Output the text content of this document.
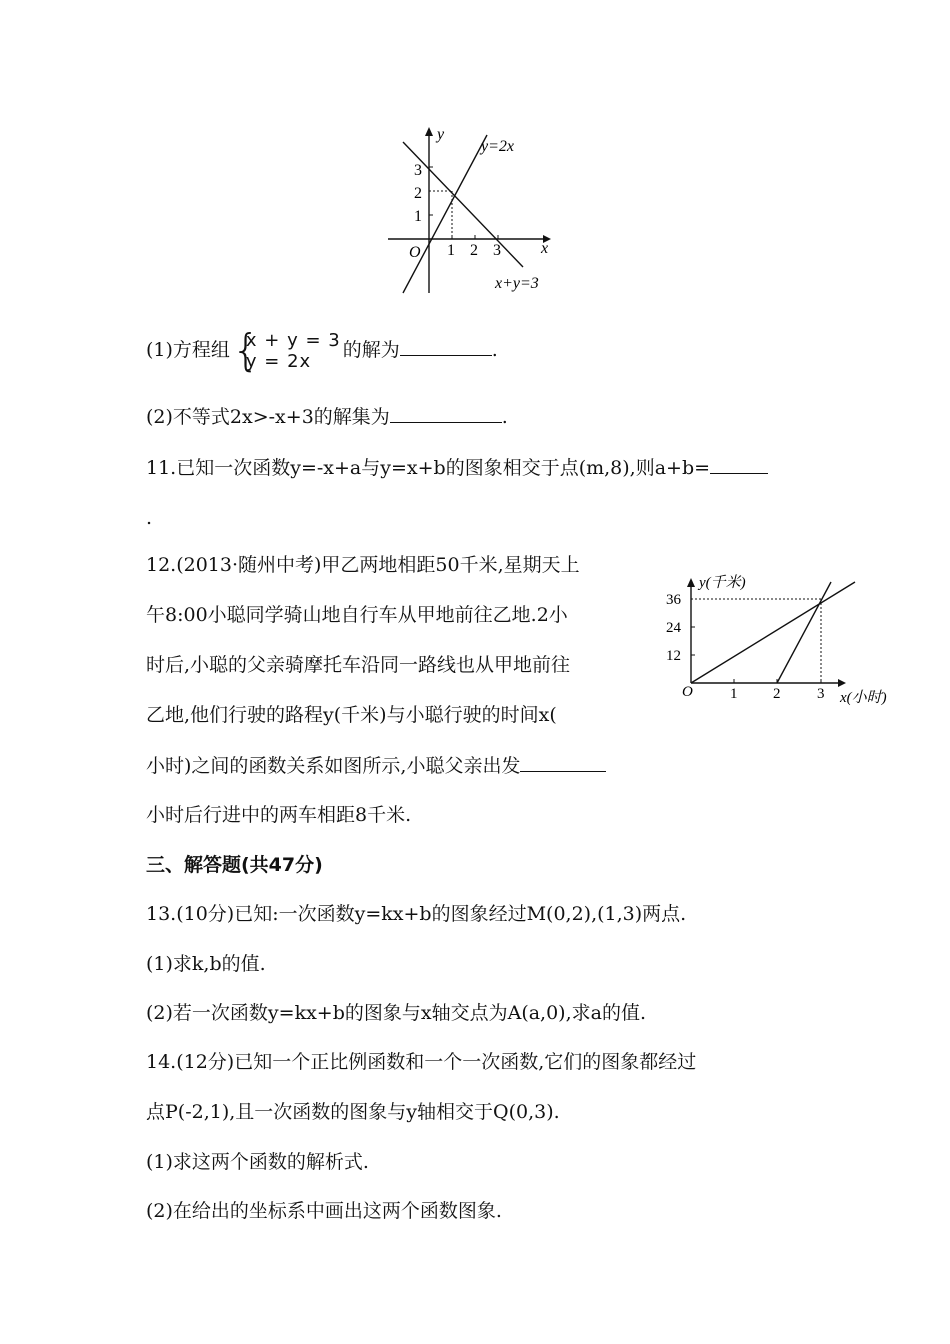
y
x
O
1
2
3
1 2 3
y=2x
x+y=3
(1)方程组 {
x + y = 3
y = 2x
的解为	.
(2)不等式2x>-x+3的解集为	.
11.已知一次函数y=-x+a与y=x+b的图象相交于点(m,8),则a+b=
.
12.(2013·随州中考)甲乙两地相距50千米,星期天上
午8:00小聪同学骑山地自行车从甲地前往乙地.2小
时后,小聪的父亲骑摩托车沿同一路线也从甲地前往
乙地,他们行驶的路程y(千米)与小聪行驶的时间x(
小时)之间的函数关系如图所示,小聪父亲出发
小时后行进中的两车相距8千米.
y(千米)
x(小时)
O
12
24
36
1 2 3
三、解答题(共47分)
13.(10分)已知:一次函数y=kx+b的图象经过M(0,2),(1,3)两点.
(1)求k,b的值.
(2)若一次函数y=kx+b的图象与x轴交点为A(a,0),求a的值.
14.(12分)已知一个正比例函数和一个一次函数,它们的图象都经过
点P(-2,1),且一次函数的图象与y轴相交于Q(0,3).
(1)求这两个函数的解析式.
(2)在给出的坐标系中画出这两个函数图象.
